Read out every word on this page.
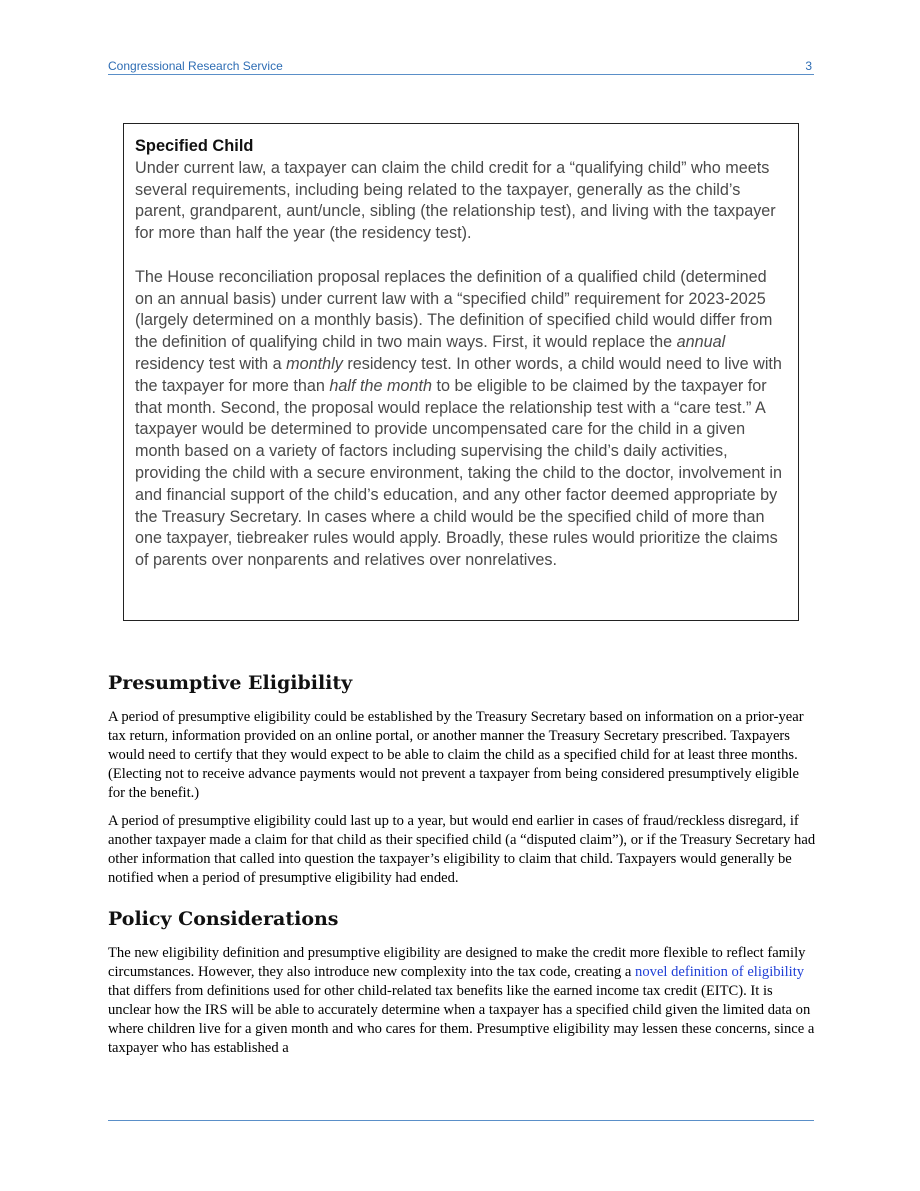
Congressional Research Service	3
Specified Child

Under current law, a taxpayer can claim the child credit for a “qualifying child” who meets several requirements, including being related to the taxpayer, generally as the child’s parent, grandparent, aunt/uncle, sibling (the relationship test), and living with the taxpayer for more than half the year (the residency test).

The House reconciliation proposal replaces the definition of a qualified child (determined on an annual basis) under current law with a “specified child” requirement for 2023-2025 (largely determined on a monthly basis). The definition of specified child would differ from the definition of qualifying child in two main ways. First, it would replace the annual residency test with a monthly residency test. In other words, a child would need to live with the taxpayer for more than half the month to be eligible to be claimed by the taxpayer for that month. Second, the proposal would replace the relationship test with a “care test.” A taxpayer would be determined to provide uncompensated care for the child in a given month based on a variety of factors including supervising the child’s daily activities, providing the child with a secure environment, taking the child to the doctor, involvement in and financial support of the child’s education, and any other factor deemed appropriate by the Treasury Secretary. In cases where a child would be the specified child of more than one taxpayer, tiebreaker rules would apply. Broadly, these rules would prioritize the claims of parents over nonparents and relatives over nonrelatives.

Presumptive Eligibility

A period of presumptive eligibility could be established by the Treasury Secretary based on information on a prior-year tax return, information provided on an online portal, or another manner the Treasury Secretary prescribed. Taxpayers would need to certify that they would expect to be able to claim the child as a specified child for at least three months. (Electing not to receive advance payments would not prevent a taxpayer from being considered presumptively eligible for the benefit.)

A period of presumptive eligibility could last up to a year, but would end earlier in cases of fraud/reckless disregard, if another taxpayer made a claim for that child as their specified child (a “disputed claim”), or if the Treasury Secretary had other information that called into question the taxpayer’s eligibility to claim that child. Taxpayers would generally be notified when a period of presumptive eligibility had ended.

Policy Considerations

The new eligibility definition and presumptive eligibility are designed to make the credit more flexible to reflect family circumstances. However, they also introduce new complexity into the tax code, creating a novel definition of eligibility that differs from definitions used for other child-related tax benefits like the earned income tax credit (EITC). It is unclear how the IRS will be able to accurately determine when a taxpayer has a specified child given the limited data on where children live for a given month and who cares for them. Presumptive eligibility may lessen these concerns, since a taxpayer who has established a
